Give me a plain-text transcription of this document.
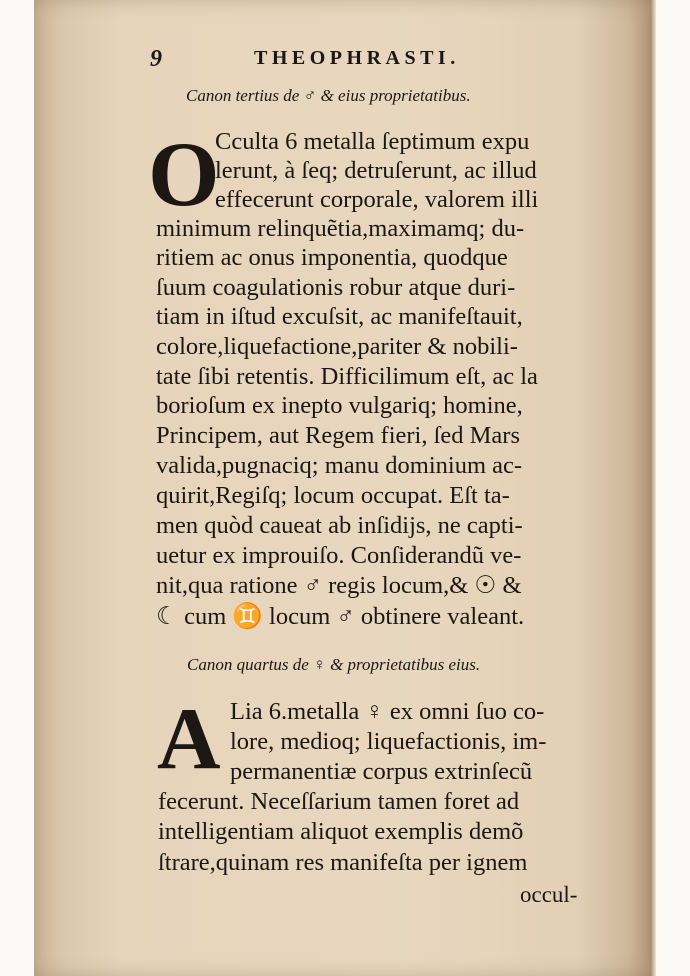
9	THEOPHRASTI.
Canon tertius de ♂ & eius proprietatibus.
O
Cculta 6 metalla ſeptimum expu
lerunt, à ſeq; detruſerunt, ac illud
effecerunt corporale, valorem illi
minimum relinquẽtia,maximamq; du-
ritiem ac onus imponentia, quodque
ſuum coagulationis robur atque duri-
tiam in iſtud excuſsit, ac manifeſtauit,
colore,liquefactione,pariter & nobili-
tate ſibi retentis. Difficilimum eſt, ac la
borioſum ex inepto vulgariq; homine,
Principem, aut Regem fieri, ſed Mars
valida,pugnaciq; manu dominium ac-
quirit,Regiſq; locum occupat. Eſt ta-
men quòd caueat ab inſidijs, ne capti-
uetur ex improuiſo. Conſiderandũ ve-
nit,qua ratione ♂ regis locum,& ☉ &
☾ cum ♊ locum ♂ obtinere valeant.
Canon quartus de ♀ & proprietatibus eius.
A Lia 6.metalla ♀ ex omni ſuo co-
lore, medioq; liquefactionis, im-
permanentiæ corpus extrinſecũ
fecerunt. Neceſſarium tamen foret ad
intelligentiam aliquot exemplis demõ
ſtrare,quinam res manifeſta per ignem
occul-
